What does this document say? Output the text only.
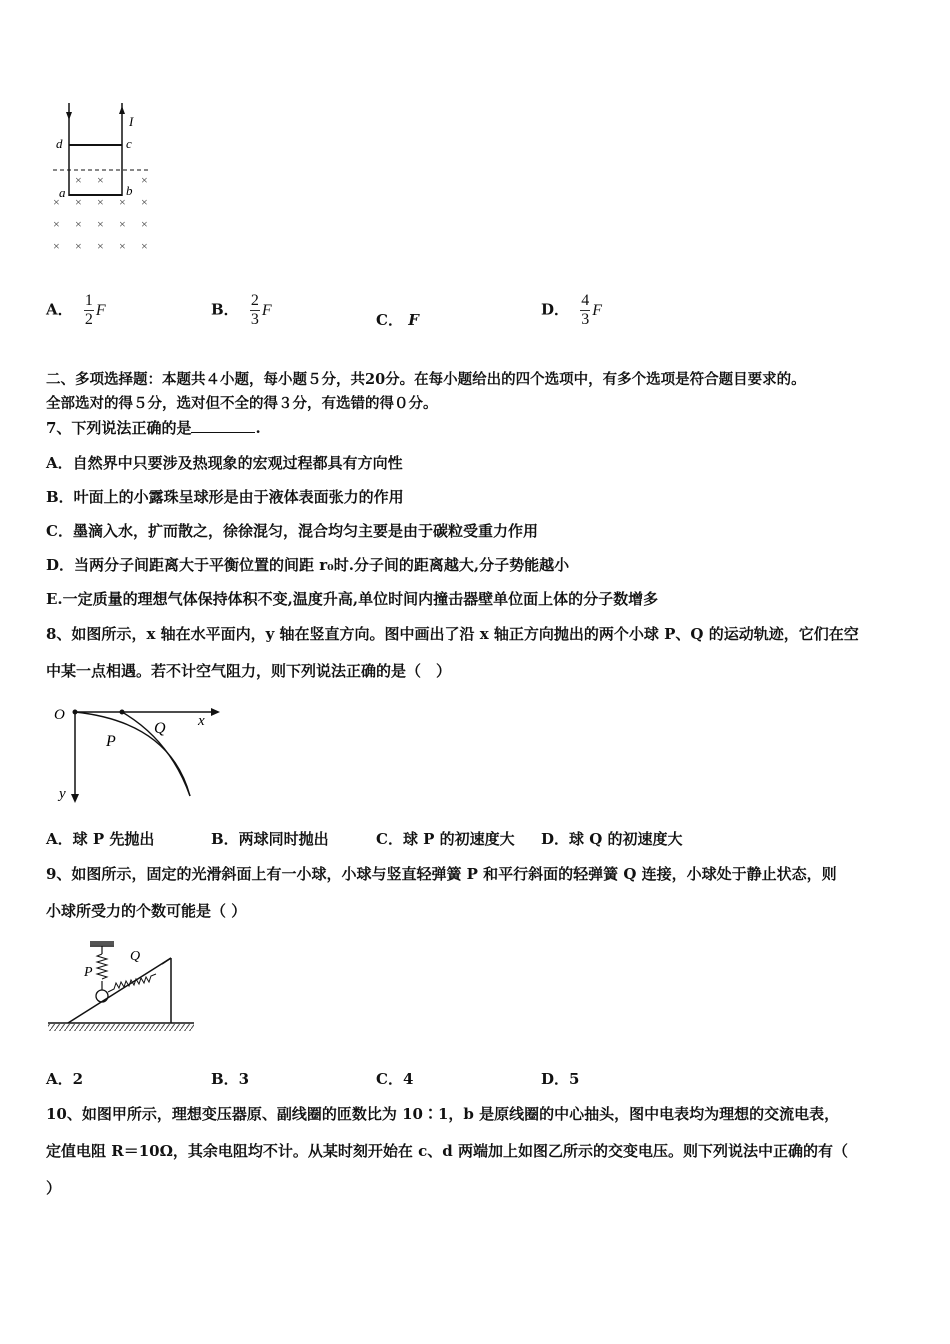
I
d	c
a	b
× ×	×
× × × × ×
× × × × ×
× × × × ×
A． $\frac{1}{2}$ F	B． $\frac{2}{3}$ F
C． F
D． $\frac{4}{3}$ F
二、多项选择题：本题共４小题，每小题５分，共20分。在每小题给出的四个选项中，有多个选项是符合题目要求的。
全部选对的得５分，选对但不全的得３分，有选错的得０分。
7、下列说法正确的是	.
A．自然界中只要涉及热现象的宏观过程都具有方向性
B．叶面上的小露珠呈球形是由于液体表面张力的作用
C．墨滴入水，扩而散之，徐徐混匀，混合均匀主要是由于碳粒受重力作用
D．当两分子间距离大于平衡位置的间距 r₀时.分子间的距离越大,分子势能越小
E.一定质量的理想气体保持体积不变,温度升高,单位时间内撞击器壁单位面上体的分子数增多
8、如图所示，x 轴在水平面内，y 轴在竖直方向。图中画出了沿 x 轴正方向抛出的两个小球 P、Q 的运动轨迹，它们在空
中某一点相遇。若不计空气阻力，则下列说法正确的是（　）
O	x
y
P
Q
A．球 P 先抛出	B．两球同时抛出	C．球 P 的初速度大 D．球 Q 的初速度大
9、如图所示，固定的光滑斜面上有一小球，小球与竖直轻弹簧 P 和平行斜面的轻弹簧 Q 连接，小球处于静止状态，则
小球所受力的个数可能是（ ）
P
Q
A．2	B．3	C．4	D．5
10、如图甲所示，理想变压器原、副线圈的匝数比为 10∶1，b 是原线圈的中心抽头，图中电表均为理想的交流电表，
定值电阻 R＝10Ω，其余电阻均不计。从某时刻开始在 c、d 两端加上如图乙所示的交变电压。则下列说法中正确的有（
）
